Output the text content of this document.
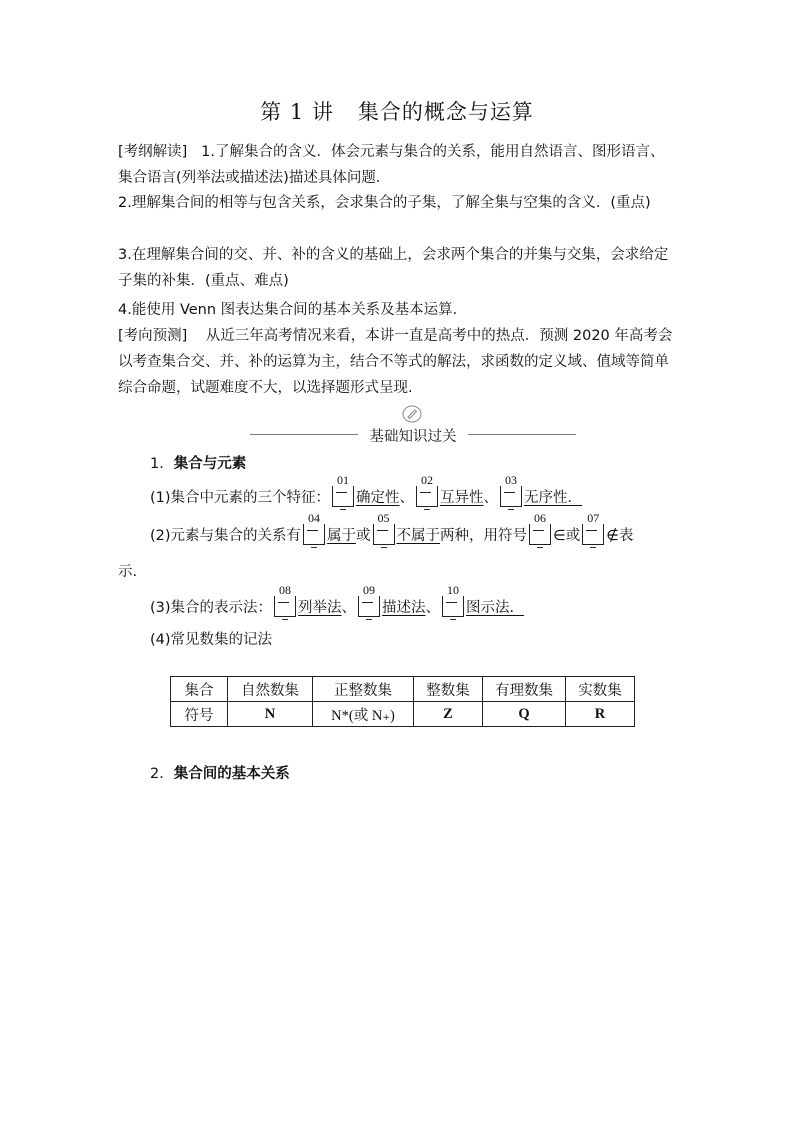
第 1 讲 集合的概念与运算
[考纲解读] 1.了解集合的含义．体会元素与集合的关系，能用自然语言、图形语言、集合语言(列举法或描述法)描述具体问题．
2.理解集合间的相等与包含关系，会求集合的子集，了解全集与空集的含义．(重点)
3.在理解集合间的交、并、补的含义的基础上，会求两个集合的并集与交集，会求给定子集的补集．(重点、难点)
4.能使用 Venn 图表达集合间的基本关系及基本运算．
[考向预测] 从近三年高考情况来看，本讲一直是高考中的热点．预测 2020 年高考会以考查集合交、并、补的运算为主，结合不等式的解法，求函数的定义域、值域等简单综合命题，试题难度不大，以选择题形式呈现.
基础知识过关
1．集合与元素
(1)集合中元素的三个特征：
01
确定性、
02
互异性、
03
无序性．
(2)元素与集合的关系有
04
属于或
05
不属于两种，用符号
06
∈或
07
∉表
示.
(3)集合的表示法：
08
列举法、
09
描述法、
10
图示法．
(4)常见数集的记法
集合	自然数集	正整数集	整数集	有理数集	实数集
符号	N	N*(或 N₊)	Z	Q	R
2．集合间的基本关系
